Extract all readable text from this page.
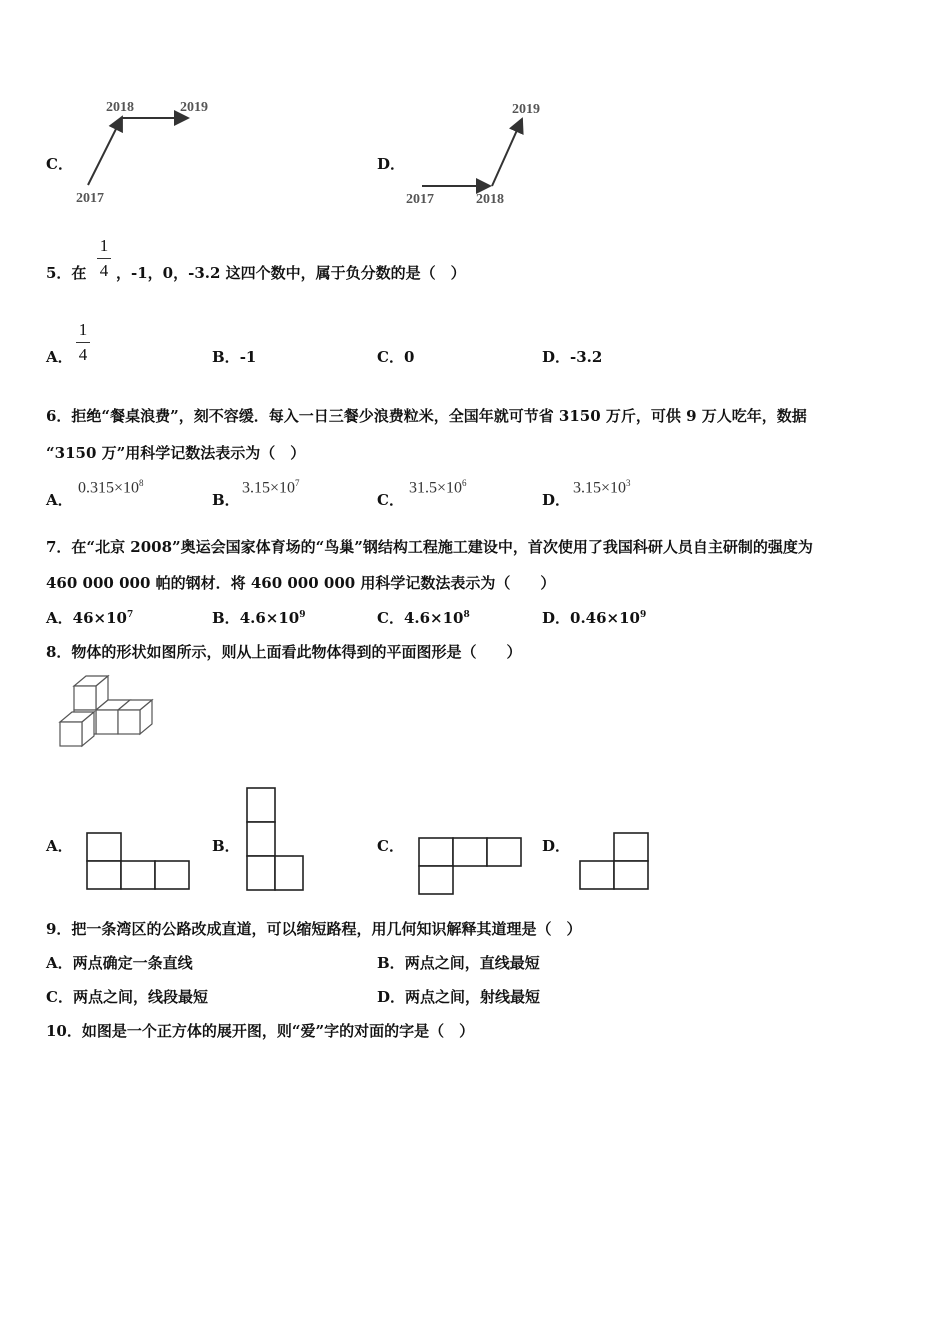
C．
2018	2019
2017
D．
2019
2017	2018
5．在
1
4 ，-1，0，-3.2 这四个数中，属于负分数的是（　）
A．
1
4	B．-1	C．0	D．-3.2
6．拒绝“餐桌浪费”，刻不容缓．每入一日三餐少浪费粒米，全国年就可节省 3150 万斤，可供 9 万人吃年，数据
“3150 万”用科学记数法表示为（　）
A．
$0.315\times 10^8$
B．
$3.15\times 10^7$
C．
$31.5\times 10^6$
D．
$3.15\times 10^3$
7．在“北京 2008”奥运会国家体育场的“鸟巢”钢结构工程施工建设中，首次使用了我国科研人员自主研制的强度为
460 000 000 帕的钢材．将 460 000 000 用科学记数法表示为（　　）
A．$46\times 10^7$	B．$4.6\times 10^9$	C．$4.6\times 10^8$	D．$0.46\times 10^9$
8．物体的形状如图所示，则从上面看此物体得到的平面图形是（　　）
A．	B．	C．	D．
9．把一条湾区的公路改成直道，可以缩短路程，用几何知识解释其道理是（　）
A．两点确定一条直线	B．两点之间，直线最短
C．两点之间，线段最短	D．两点之间，射线最短
10．如图是一个正方体的展开图，则“爱”字的对面的字是（　）
